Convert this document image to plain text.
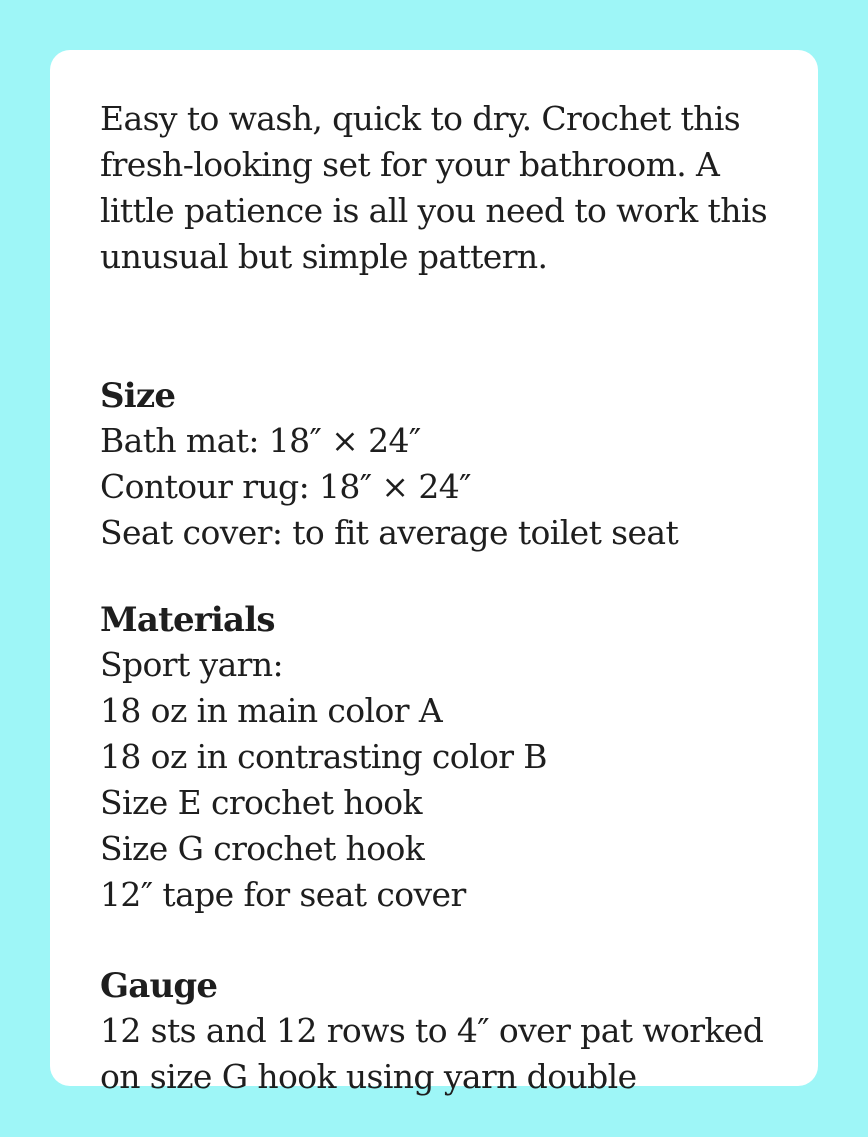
Easy to wash, quick to dry. Crochet this
fresh-looking set for your bathroom. A
little patience is all you need to work this
unusual but simple pattern.

Size
Bath mat: 18″ × 24″
Contour rug: 18″ × 24″
Seat cover: to fit average toilet seat
Materials
Sport yarn:
18 oz in main color A
18 oz in contrasting color B
Size E crochet hook
Size G crochet hook
12″ tape for seat cover
Gauge
12 sts and 12 rows to 4″ over pat worked
on size G hook using yarn double
